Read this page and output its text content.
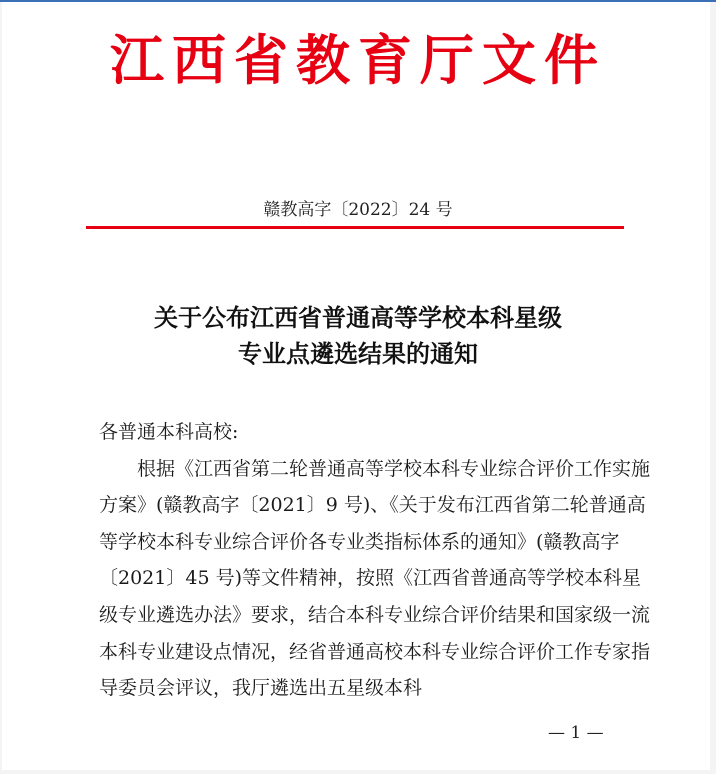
江西省教育厅文件
赣教高字〔2022〕24 号
关于公布江西省普通高等学校本科星级
专业点遴选结果的通知

各普通本科高校:

根据《江西省第二轮普通高等学校本科专业综合评价工作实施方案》(赣教高字〔2021〕9 号)、《关于发布江西省第二轮普通高等学校本科专业综合评价各专业类指标体系的通知》(赣教高字〔2021〕45 号)等文件精神，按照《江西省普通高等学校本科星级专业遴选办法》要求，结合本科专业综合评价结果和国家级一流本科专业建设点情况，经省普通高校本科专业综合评价工作专家指导委员会评议，我厅遴选出五星级本科

— 1 —
